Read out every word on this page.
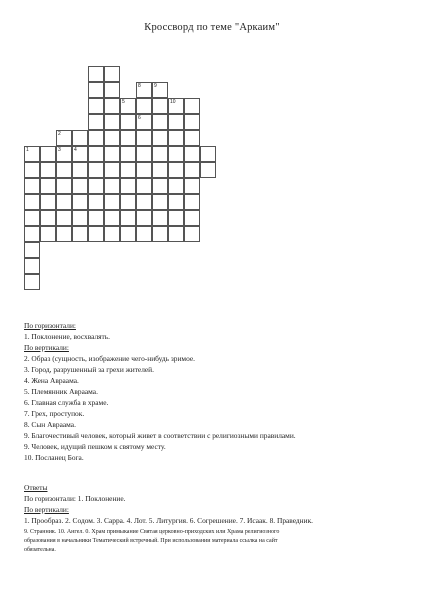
Кроссворд по теме "Аркаим"
1
2
3	4
5
8
6
9
10
По горизонтали:
1. Поклонение, восхвалять.
По вертикали:
2. Образ (сущность, изображение чего-нибудь зримое.
3. Город, разрушенный за грехи жителей.
4. Жена Авраама.
5. Племянник Авраама.
6. Главная служба в храме.
7. Грех, проступок.
8. Сын Авраама.
9. Благочестивый человек, который живет в соответствии с религиозными правилами.
9. Человек, идущий пешком к святому месту.
10. Посланец Бога.
Ответы
По горизонтали: 1. Поклонение.
По вертикали:
1. Прообраз. 2. Содом. 3. Сарра. 4. Лот. 5. Литургия. 6. Согрешение. 7. Исаак. 8. Праведник.
9. Странник. 10. Ангел. 0. Храм примыкание Святая церковно-приходских или Храма религиозного
образования в начальники Тематический встречный. При использовании материала ссылка на сайт
обязательна.
